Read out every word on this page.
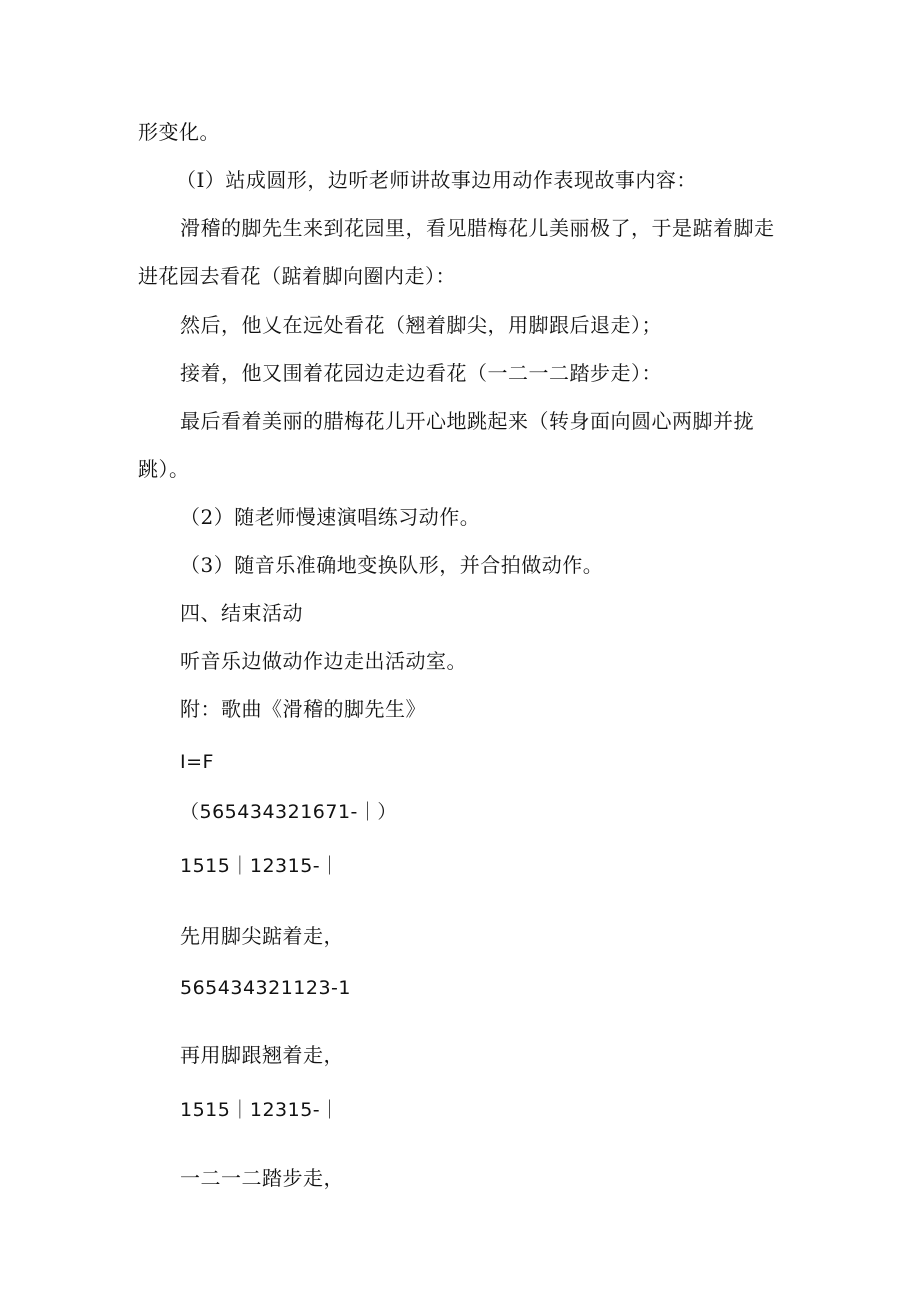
形变化。
（I）站成圆形，边听老师讲故事边用动作表现故事内容：
滑稽的脚先生来到花园里，看见腊梅花儿美丽极了，于是踮着脚走
进花园去看花（踮着脚向圈内走）：
然后，他乂在远处看花（翘着脚尖，用脚跟后退走）；
接着，他又围着花园边走边看花（一二一二踏步走）：
最后看着美丽的腊梅花儿开心地跳起来（转身面向圆心两脚并拢
跳）。
（2）随老师慢速演唱练习动作。
（3）随音乐准确地变换队形，并合拍做动作。
四、结束活动
听音乐边做动作边走出活动室。
附：歌曲《滑稽的脚先生》
I=F
（565434321671-｜）
1515｜12315-｜
先用脚尖踮着走，
565434321123-1
再用脚跟翘着走，
1515｜12315-｜
一二一二踏步走，
